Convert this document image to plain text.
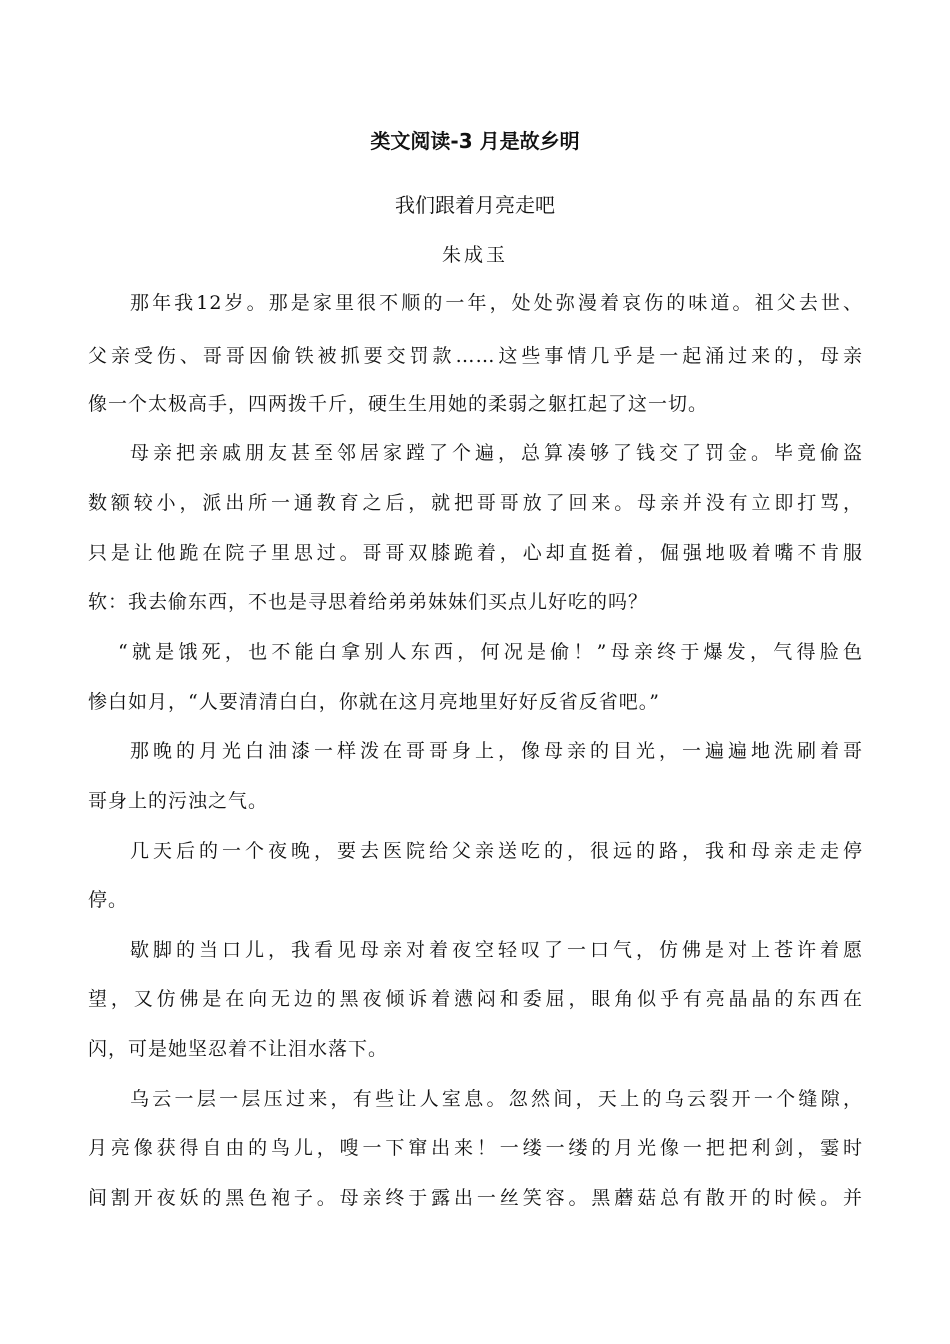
类文阅读-3 月是故乡明
我们跟着月亮走吧
朱成玉
那年我12岁。那是家里很不顺的一年，处处弥漫着哀伤的味道。祖父去世、
父亲受伤、哥哥因偷铁被抓要交罚款……这些事情几乎是一起涌过来的，母亲
像一个太极高手，四两拨千斤，硬生生用她的柔弱之躯扛起了这一切。
母亲把亲戚朋友甚至邻居家蹚了个遍，总算凑够了钱交了罚金。毕竟偷盗
数额较小，派出所一通教育之后，就把哥哥放了回来。母亲并没有立即打骂，
只是让他跪在院子里思过。哥哥双膝跪着，心却直挺着，倔强地吸着嘴不肯服
软：我去偷东西，不也是寻思着给弟弟妹妹们买点儿好吃的吗？
“就是饿死，也不能白拿别人东西，何况是偷！”母亲终于爆发，气得脸色
惨白如月，“人要清清白白，你就在这月亮地里好好反省反省吧。”
那晚的月光白油漆一样泼在哥哥身上，像母亲的目光，一遍遍地洗刷着哥
哥身上的污浊之气。
几天后的一个夜晚，要去医院给父亲送吃的，很远的路，我和母亲走走停
停。
歇脚的当口儿，我看见母亲对着夜空轻叹了一口气，仿佛是对上苍许着愿
望，又仿佛是在向无边的黑夜倾诉着懑闷和委屈，眼角似乎有亮晶晶的东西在
闪，可是她坚忍着不让泪水落下。
乌云一层一层压过来，有些让人室息。忽然间，天上的乌云裂开一个缝隙，
月亮像获得自由的鸟儿，嗖一下窜出来！一缕一缕的月光像一把把利剑，霎时
间割开夜妖的黑色袍子。母亲终于露出一丝笑容。黑蘑菇总有散开的时候。并
